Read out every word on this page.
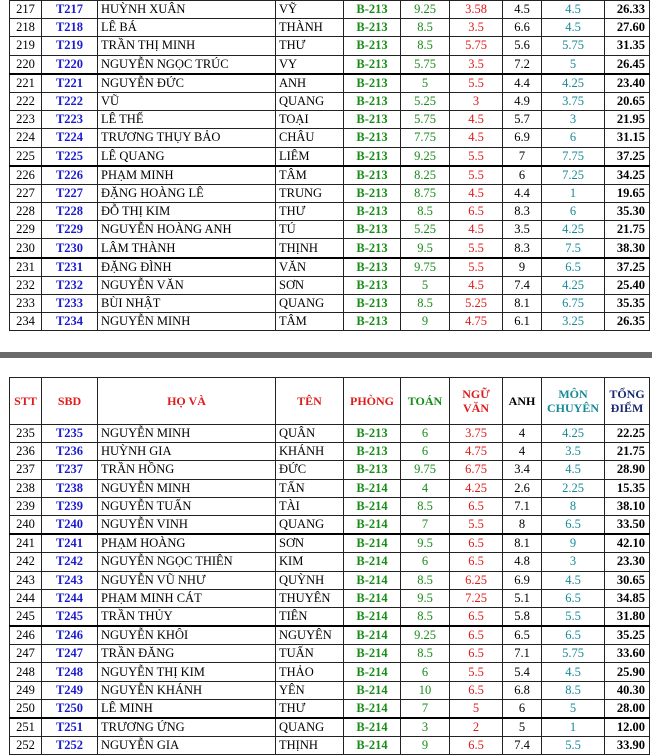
217	T217	HUỲNH XUÂN	VỸ	B-213	9.25	3.58	4.5	4.5	26.33
218	T218	LÊ BÁ	THÀNH	B-213	8.5	3.5	6.6	4.5	27.60
219	T219	TRẦN THỊ MINH	THƯ	B-213	8.5	5.75	5.6	5.75	31.35
220	T220	NGUYỄN NGỌC TRÚC	VY	B-213	5.75	3.5	7.2	5	26.45
221	T221	NGUYỄN ĐỨC	ANH	B-213	5	5.5	4.4	4.25	23.40
222	T222	VŨ	QUANG	B-213	5.25	3	4.9	3.75	20.65
223	T223	LÊ THẾ	TOẠI	B-213	5.75	4.5	5.7	3	21.95
224	T224	TRƯƠNG THỤY BẢO	CHÂU	B-213	7.75	4.5	6.9	6	31.15
225	T225	LÊ QUANG	LIÊM	B-213	9.25	5.5	7	7.75	37.25
226	T226	PHẠM MINH	TÂM	B-213	8.25	5.5	6	7.25	34.25
227	T227	ĐẶNG HOÀNG LÊ	TRUNG	B-213	8.75	4.5	4.4	1	19.65
228	T228	ĐỖ THỊ KIM	THƯ	B-213	8.5	6.5	8.3	6	35.30
229	T229	NGUYỄN HOÀNG ANH	TÚ	B-213	5.25	4.5	3.5	4.25	21.75
230	T230	LÂM THÀNH	THỊNH	B-213	9.5	5.5	8.3	7.5	38.30
231	T231	ĐẶNG ĐÌNH	VĂN	B-213	9.75	5.5	9	6.5	37.25
232	T232	NGUYỄN VĂN	SƠN	B-213	5	4.5	7.4	4.25	25.40
233	T233	BÙI NHẬT	QUANG	B-213	8.5	5.25	8.1	6.75	35.35
234	T234	NGUYỄN MINH	TÂM	B-213	9	4.75	6.1	3.25	26.35
STT	SBD	HỌ VÀ	TÊN	PHÒNG	TOÁN	NGỮ VĂN	ANH	MÔN CHUYÊN	TỔNG ĐIỂM
235	T235	NGUYỄN MINH	QUÂN	B-213	6	3.75	4	4.25	22.25
236	T236	HUỲNH GIA	KHÁNH	B-213	6	4.75	4	3.5	21.75
237	T237	TRẦN HỒNG	ĐỨC	B-213	9.75	6.75	3.4	4.5	28.90
238	T238	NGUYỄN MINH	TẤN	B-214	4	4.25	2.6	2.25	15.35
239	T239	NGUYỄN TUẤN	TÀI	B-214	8.5	6.5	7.1	8	38.10
240	T240	NGUYỄN VINH	QUANG	B-214	7	5.5	8	6.5	33.50
241	T241	PHẠM HOÀNG	SƠN	B-214	9.5	6.5	8.1	9	42.10
242	T242	NGUYỄN NGỌC THIÊN	KIM	B-214	6	6.5	4.8	3	23.30
243	T243	NGUYỄN VŨ NHƯ	QUỲNH	B-214	8.5	6.25	6.9	4.5	30.65
244	T244	PHẠM MINH CÁT	THUYÊN	B-214	9.5	7.25	5.1	6.5	34.85
245	T245	TRẦN THỦY	TIÊN	B-214	8.5	6.5	5.8	5.5	31.80
246	T246	NGUYỄN KHÔI	NGUYÊN	B-214	9.25	6.5	6.5	6.5	35.25
247	T247	TRẦN ĐĂNG	TUẤN	B-214	8.5	6.5	7.1	5.75	33.60
248	T248	NGUYỄN THỊ KIM	THẢO	B-214	6	5.5	5.4	4.5	25.90
249	T249	NGUYỄN KHÁNH	YÊN	B-214	10	6.5	6.8	8.5	40.30
250	T250	LÊ MINH	THƯ	B-214	7	5	6	5	28.00
251	T251	TRƯƠNG ỨNG	QUANG	B-214	3	2	5	1	12.00
252	T252	NGUYỄN GIA	THỊNH	B-214	9	6.5	7.4	5.5	33.90
